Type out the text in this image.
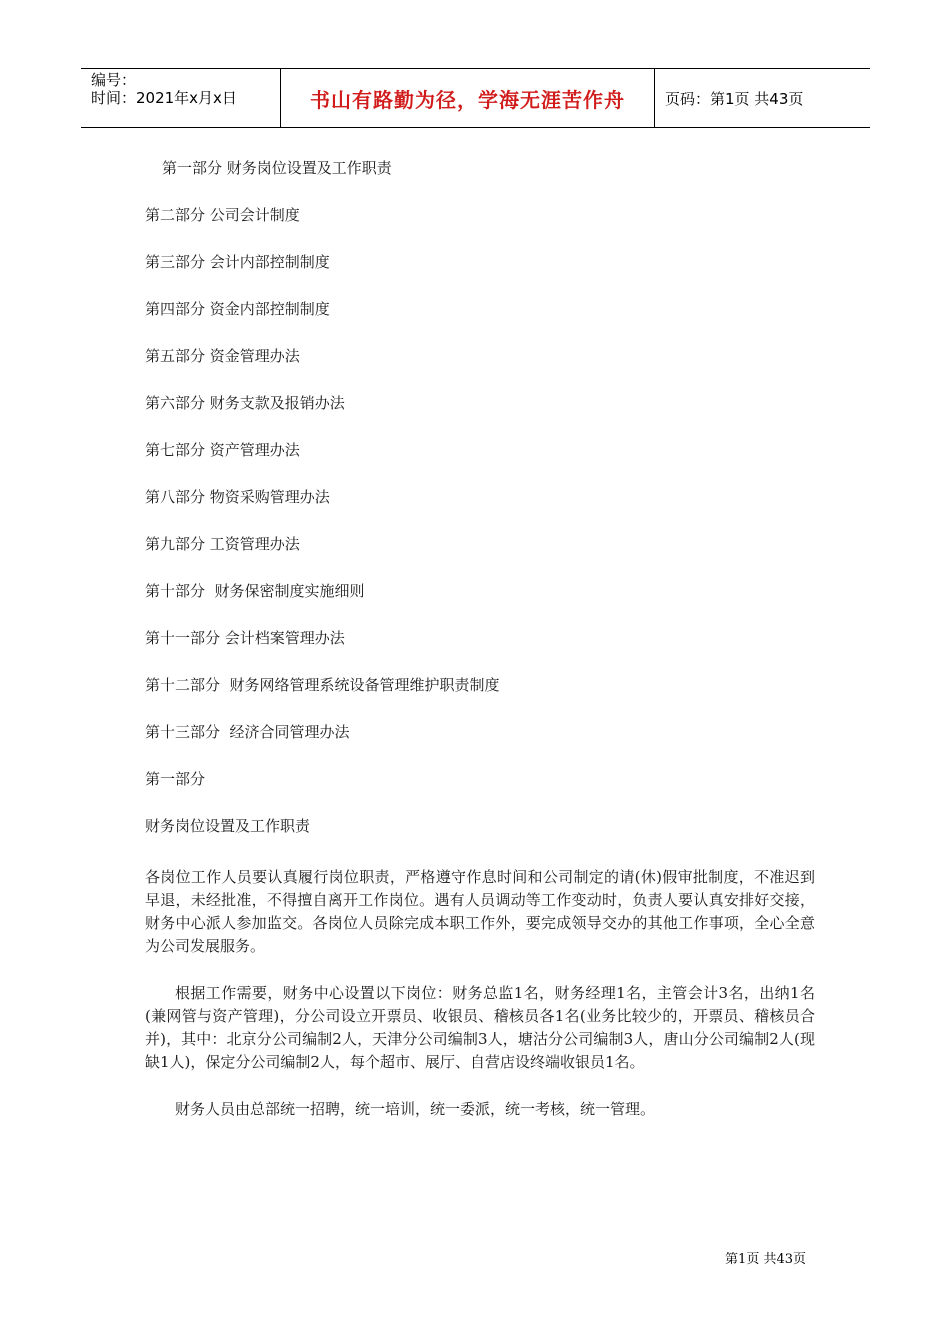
编号：
时间：2021年x月x日	书山有路勤为径，学海无涯苦作舟	页码：第1页 共43页
第一部分 财务岗位设置及工作职责
第二部分 公司会计制度
第三部分 会计内部控制制度
第四部分 资金内部控制制度
第五部分 资金管理办法
第六部分 财务支款及报销办法
第七部分 资产管理办法
第八部分 物资采购管理办法
第九部分 工资管理办法
第十部分  财务保密制度实施细则
第十一部分 会计档案管理办法
第十二部分  财务网络管理系统设备管理维护职责制度
第十三部分  经济合同管理办法
第一部分
财务岗位设置及工作职责

各岗位工作人员要认真履行岗位职责，严格遵守作息时间和公司制定的请(休)假审批制度，不准迟到早退，未经批准，不得擅自离开工作岗位。遇有人员调动等工作变动时，负责人要认真安排好交接，财务中心派人参加监交。各岗位人员除完成本职工作外，要完成领导交办的其他工作事项，全心全意为公司发展服务。

根据工作需要，财务中心设置以下岗位：财务总监1名，财务经理1名，主管会计3名，出纳1名(兼网管与资产管理)，分公司设立开票员、收银员、稽核员各1名(业务比较少的，开票员、稽核员合并)，其中：北京分公司编制2人，天津分公司编制3人，塘沽分公司编制3人，唐山分公司编制2人(现缺1人)，保定分公司编制2人，每个超市、展厅、自营店设终端收银员1名。

财务人员由总部统一招聘，统一培训，统一委派，统一考核，统一管理。

第1页 共43页
